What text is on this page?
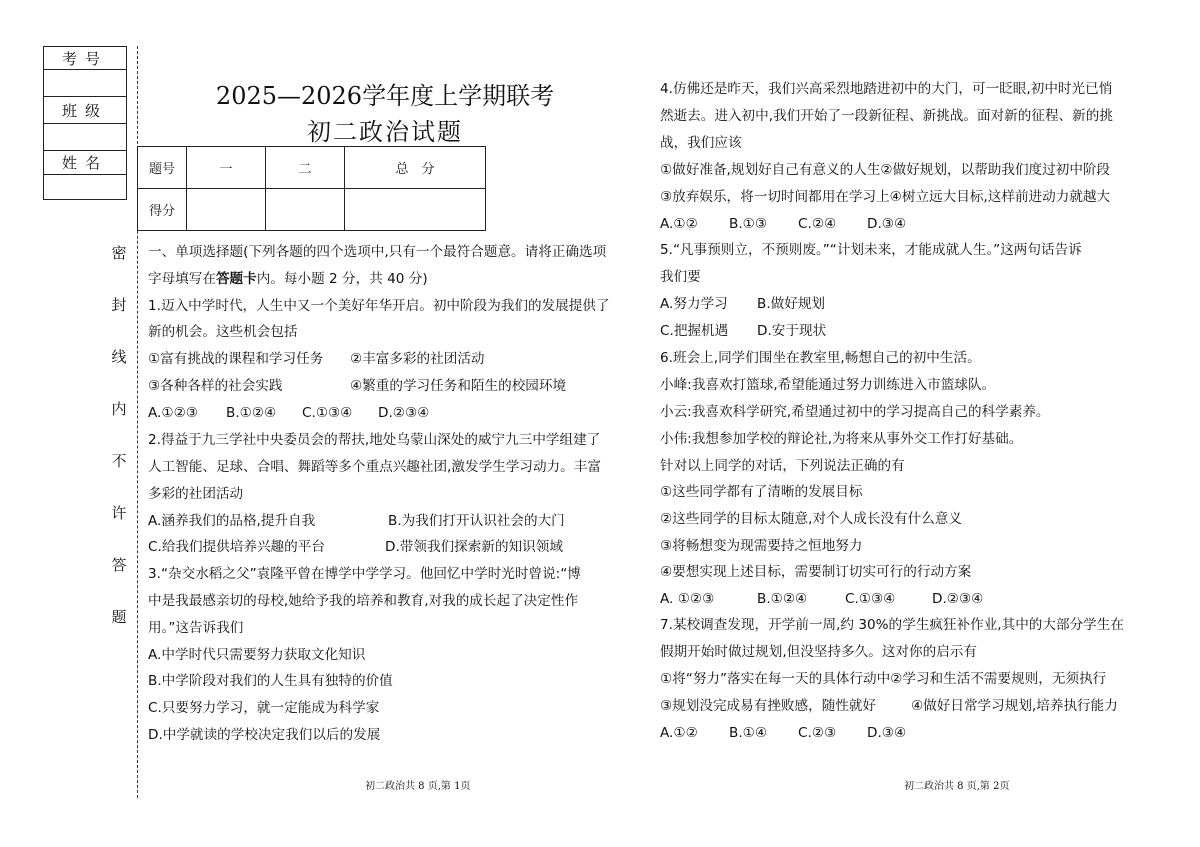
考号
班级
姓名
密
封
线
内
不
许
答
题
2025—2026学年度上学期联考
初二政治试题
题号	一	二	总　分
得分			
一、单项选择题(下列各题的四个选项中,只有一个最符合题意。请将正确选项
字母填写在答题卡内。每小题 2 分，共 40 分)
1.迈入中学时代，人生中又一个美好年华开启。初中阶段为我们的发展提供了
新的机会。这些机会包括
①富有挑战的课程和学习任务 ②丰富多彩的社团活动
③各种各样的社会实践	④繁重的学习任务和陌生的校园环境
A.①②③ B.①②④ C.①③④ D.②③④
2.得益于九三学社中央委员会的帮扶,地处乌蒙山深处的威宁九三中学组建了
人工智能、足球、合唱、舞蹈等多个重点兴趣社团,激发学生学习动力。丰富
多彩的社团活动
A.涵养我们的品格,提升自我	B.为我们打开认识社会的大门
C.给我们提供培养兴趣的平台	D.带领我们探索新的知识领域
3.“杂交水稻之父”袁隆平曾在博学中学学习。他回忆中学时光时曾说:“博
中是我最感亲切的母校,她给予我的培养和教育,对我的成长起了决定性作
用。”这告诉我们
A.中学时代只需要努力获取文化知识
B.中学阶段对我们的人生具有独特的价值
C.只要努力学习，就一定能成为科学家
D.中学就读的学校决定我们以后的发展
4.仿佛还是昨天，我们兴高采烈地踏进初中的大门，可一眨眼,初中时光已悄
然逝去。进入初中,我们开始了一段新征程、新挑战。面对新的征程、新的挑
战，我们应该
①做好准备,规划好自己有意义的人生②做好规划，以帮助我们度过初中阶段
③放弃娱乐，将一切时间都用在学习上④树立远大目标,这样前进动力就越大
A.①② B.①③ C.②④ D.③④
5.“凡事预则立，不预则废。”“计划未来，才能成就人生。”这两句话告诉
我们要
A.努力学习 B.做好规划
C.把握机遇 D.安于现状
6.班会上,同学们围坐在教室里,畅想自己的初中生活。
小峰:我喜欢打篮球,希望能通过努力训练进入市篮球队。
小云:我喜欢科学研究,希望通过初中的学习提高自己的科学素养。
小伟:我想参加学校的辩论社,为将来从事外交工作打好基础。
针对以上同学的对话，下列说法正确的有
①这些同学都有了清晰的发展目标
②这些同学的目标太随意,对个人成长没有什么意义
③将畅想变为现需要持之恒地努力
④要想实现上述目标，需要制订切实可行的行动方案
A. ①②③	B.①②④	C.①③④	D.②③④
7.某校调查发现，开学前一周,约 30%的学生疯狂补作业,其中的大部分学生在
假期开始时做过规划,但没坚持多久。这对你的启示有
①将“努力”落实在每一天的具体行动中②学习和生活不需要规则，无须执行
③规划没完成易有挫败感，随性就好	④做好日常学习规划,培养执行能力
A.①② B.①④ C.②③ D.③④
初二政治共 8 页,第 1页	初二政治共 8 页,第 2页
